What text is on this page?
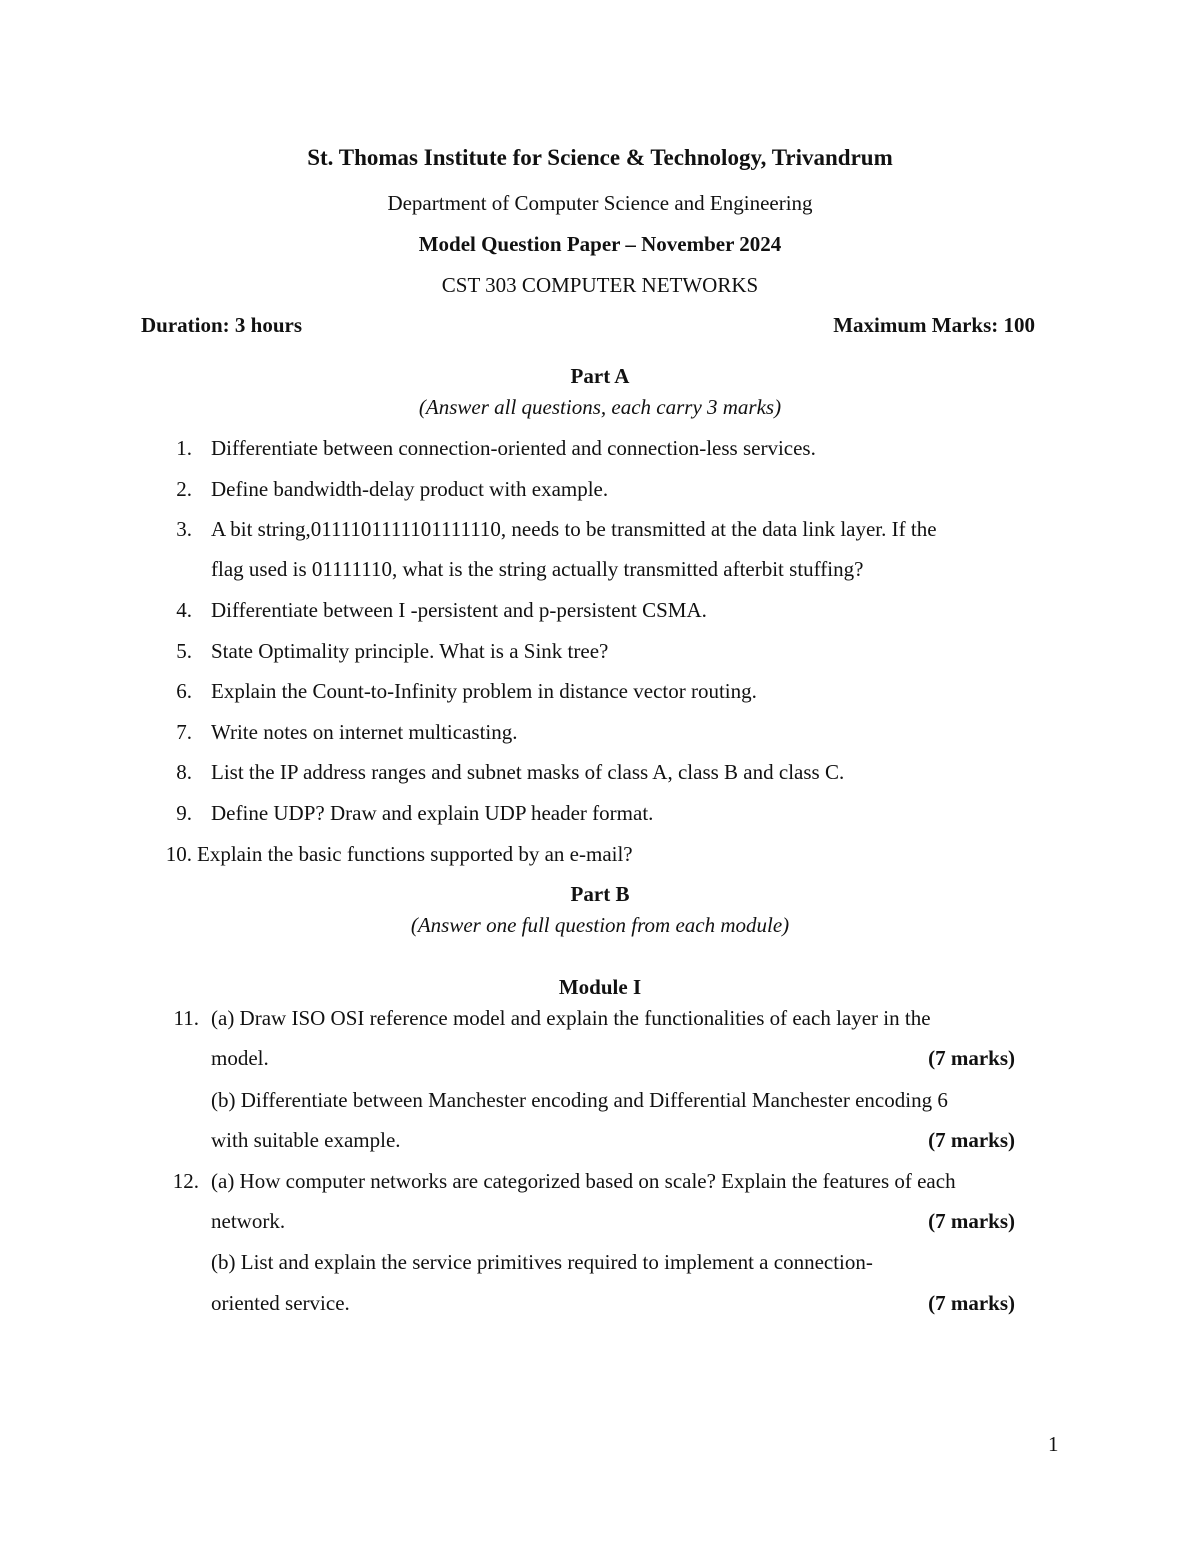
St. Thomas Institute for Science & Technology, Trivandrum
Department of Computer Science and Engineering
Model Question Paper – November 2024
CST 303 COMPUTER NETWORKS
Duration: 3 hours	Maximum Marks: 100
Part A
(Answer all questions, each carry 3 marks)
1. Differentiate between connection-oriented and connection-less services.
2. Define bandwidth-delay product with example.
3. A bit string,0111101111101111110, needs to be transmitted at the data link layer. If the
flag used is 01111110, what is the string actually transmitted afterbit stuffing?
4. Differentiate between I -persistent and p-persistent CSMA.
5. State Optimality principle. What is a Sink tree?
6. Explain the Count-to-Infinity problem in distance vector routing.
7. Write notes on internet multicasting.
8. List the IP address ranges and subnet masks of class A, class B and class C.
9. Define UDP? Draw and explain UDP header format.
10. Explain the basic functions supported by an e-mail?
Part B
(Answer one full question from each module)
Module I
11. (a) Draw ISO OSI reference model and explain the functionalities of each layer in the
model.	(7 marks)
(b) Differentiate between Manchester encoding and Differential Manchester encoding 6
with suitable example.	(7 marks)
12. (a) How computer networks are categorized based on scale? Explain the features of each
network.	(7 marks)
(b) List and explain the service primitives required to implement a connection-
oriented service.	(7 marks)
1
